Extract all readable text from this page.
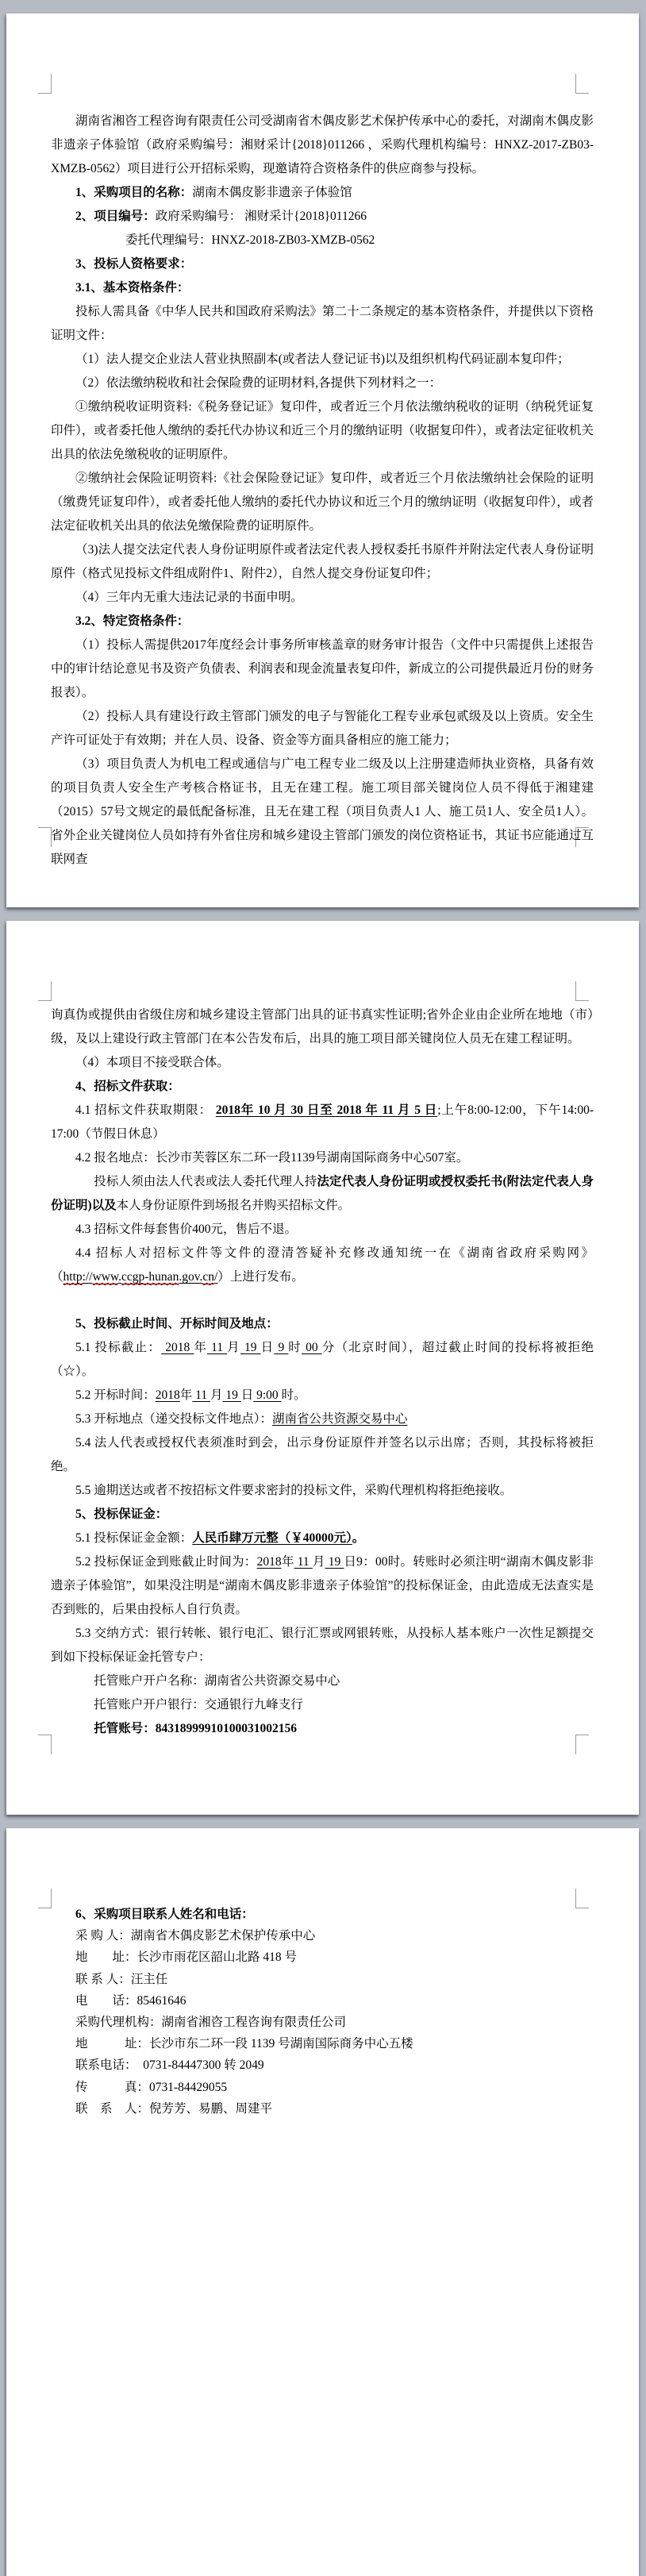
湖南省湘咨工程咨询有限责任公司受湖南省木偶皮影艺术保护传承中心的委托，对湖南木偶皮影非遗亲子体验馆（政府采购编号：湘财采计{2018}011266 ，采购代理机构编号：HNXZ-2017-ZB03-XMZB-0562）项目进行公开招标采购，现邀请符合资格条件的供应商参与投标。

1、采购项目的名称：湖南木偶皮影非遗亲子体验馆

2、项目编号：政府采购编号： 湘财采计{2018}011266

委托代理编号：HNXZ-2018-ZB03-XMZB-0562

3、投标人资格要求：

3.1、基本资格条件：

投标人需具备《中华人民共和国政府采购法》第二十二条规定的基本资格条件，并提供以下资格证明文件：

（1）法人提交企业法人营业执照副本(或者法人登记证书)以及组织机构代码证副本复印件；

（2）依法缴纳税收和社会保险费的证明材料,各提供下列材料之一：

①缴纳税收证明资料:《税务登记证》复印件，或者近三个月依法缴纳税收的证明（纳税凭证复印件），或者委托他人缴纳的委托代办协议和近三个月的缴纳证明（收据复印件），或者法定征收机关出具的依法免缴税收的证明原件。

②缴纳社会保险证明资料:《社会保险登记证》复印件，或者近三个月依法缴纳社会保险的证明（缴费凭证复印件），或者委托他人缴纳的委托代办协议和近三个月的缴纳证明（收据复印件），或者法定征收机关出具的依法免缴保险费的证明原件。

（3)法人提交法定代表人身份证明原件或者法定代表人授权委托书原件并附法定代表人身份证明原件（格式见投标文件组成附件1、附件2），自然人提交身份证复印件；

（4）三年内无重大违法记录的书面申明。

3.2、特定资格条件：

（1）投标人需提供2017年度经会计事务所审核盖章的财务审计报告（文件中只需提供上述报告中的审计结论意见书及资产负债表、利润表和现金流量表复印件，新成立的公司提供最近月份的财务报表）。

（2）投标人具有建设行政主管部门颁发的电子与智能化工程专业承包贰级及以上资质。安全生产许可证处于有效期；并在人员、设备、资金等方面具备相应的施工能力；

（3）项目负责人为机电工程或通信与广电工程专业二级及以上注册建造师执业资格，具备有效的项目负责人安全生产考核合格证书，且无在建工程。施工项目部关键岗位人员不得低于湘建建（2015）57号文规定的最低配备标准，且无在建工程（项目负责人1 人、施工员1人、安全员1人）。省外企业关键岗位人员如持有外省住房和城乡建设主管部门颁发的岗位资格证书，其证书应能通过互联网查

询真伪或提供由省级住房和城乡建设主管部门出具的证书真实性证明;省外企业由企业所在地地（市）级，及以上建设行政主管部门在本公告发布后，出具的施工项目部关键岗位人员无在建工程证明。

（4）本项目不接受联合体。

4、招标文件获取：

4.1 招标文件获取期限： 2018年 10 月 30 日至 2018 年 11 月 5 日;上午8:00-12:00，下午14:00-17:00（节假日休息）

4.2 报名地点：长沙市芙蓉区东二环一段1139号湖南国际商务中心507室。

投标人须由法人代表或法人委托代理人持法定代表人身份证明或授权委托书(附法定代表人身份证明)以及本人身份证原件到场报名并购买招标文件。

4.3 招标文件每套售价400元，售后不退。

4.4 招标人对招标文件等文件的澄清答疑补充修改通知统一在《湖南省政府采购网》（http://www.ccgp-hunan.gov.cn/）上进行发布。

5、投标截止时间、开标时间及地点：

5.1 投标截止： 2018 年 11 月 19 日 9 时 00 分（北京时间），超过截止时间的投标将被拒绝（☆）。

5.2 开标时间：2018年 11 月 19 日 9:00 时。

5.3 开标地点（递交投标文件地点）：湖南省公共资源交易中心

5.4 法人代表或授权代表须准时到会，出示身份证原件并签名以示出席；否则，其投标将被拒绝。

5.5 逾期送达或者不按招标文件要求密封的投标文件，采购代理机构将拒绝接收。

5、投标保证金：

5.1 投标保证金金额：人民币肆万元整（￥40000元）。

5.2 投标保证金到账截止时间为：2018年 11 月 19 日9：00时。转账时必须注明“湖南木偶皮影非遗亲子体验馆”，如果没注明是“湖南木偶皮影非遗亲子体验馆”的投标保证金，由此造成无法查实是否到账的，后果由投标人自行负责。

5.3 交纳方式：银行转帐、银行电汇、银行汇票或网银转账，从投标人基本账户一次性足额提交到如下投标保证金托管专户：

托管账户开户名称：湖南省公共资源交易中心

托管账户开户银行：交通银行九峰支行

托管账号：84318999910100031002156

6、采购项目联系人姓名和电话：

采 购 人：湖南省木偶皮影艺术保护传承中心

地　　址：长沙市雨花区韶山北路 418 号

联 系 人：汪主任

电　　话：85461646

采购代理机构：湖南省湘咨工程咨询有限责任公司

地　　　址：长沙市东二环一段 1139 号湖南国际商务中心五楼

联系电话：　0731-84447300 转 2049

传　　　真：0731-84429055

联　系　人：倪芳芳、易鹏、周建平
